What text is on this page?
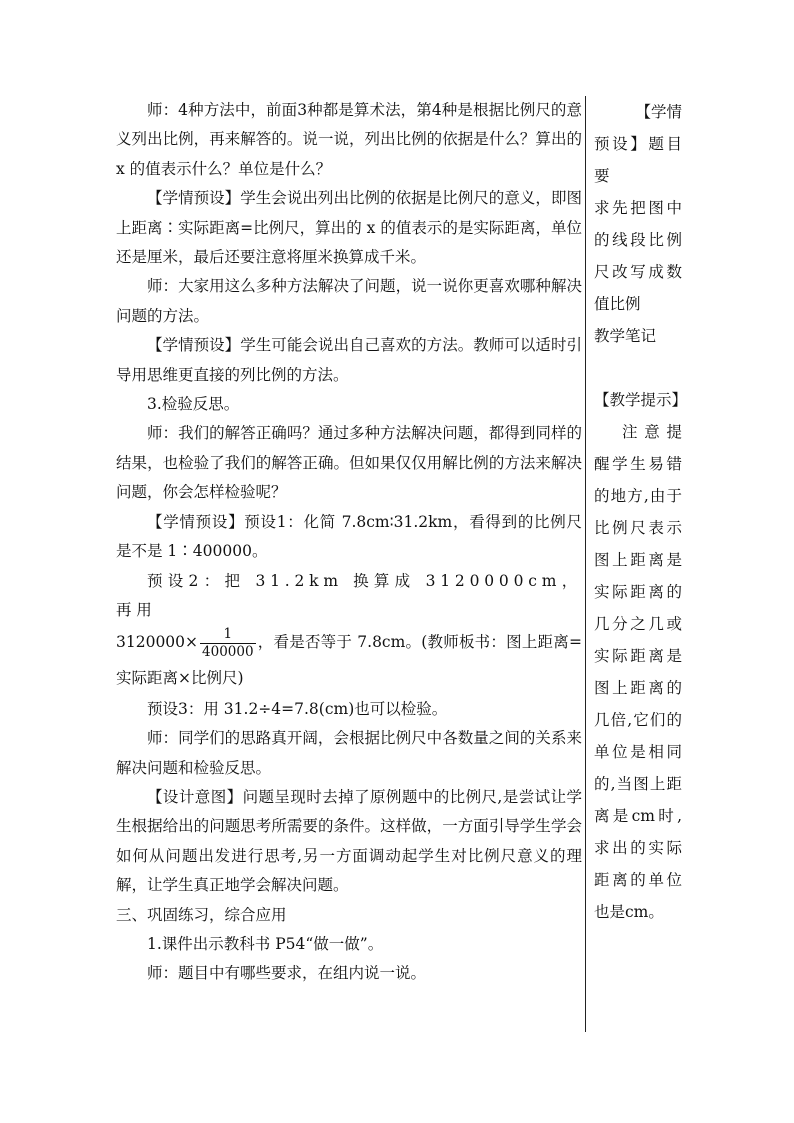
师：4种方法中，前面3种都是算术法，第4种是根据比例尺的意义列出比例，再来解答的。说一说，列出比例的依据是什么？算出的 x 的值表示什么？单位是什么？

【学情预设】学生会说出列出比例的依据是比例尺的意义，即图上距离∶实际距离=比例尺，算出的 x 的值表示的是实际距离，单位还是厘米，最后还要注意将厘米换算成千米。

师：大家用这么多种方法解决了问题，说一说你更喜欢哪种解决问题的方法。

【学情预设】学生可能会说出自己喜欢的方法。教师可以适时引导用思维更直接的列比例的方法。

3.检验反思。

师：我们的解答正确吗？通过多种方法解决问题，都得到同样的结果，也检验了我们的解答正确。但如果仅仅用解比例的方法来解决问题，你会怎样检验呢？

【学情预设】预设1：化简 7.8cm∶31.2km，看得到的比例尺是不是 1∶400000。

预设2：把 31.2km 换算成 3120000cm，再用

$3120000\times \frac{1}{400000}$ ，看是否等于 7.8cm。(教师板书：图上距离=实际距离×比例尺)

预设3：用 31.2÷4=7.8(cm)也可以检验。

师：同学们的思路真开阔，会根据比例尺中各数量之间的关系来解决问题和检验反思。

【设计意图】问题呈现时去掉了原例题中的比例尺,是尝试让学生根据给出的问题思考所需要的条件。这样做，一方面引导学生学会如何从问题出发进行思考,另一方面调动起学生对比例尺意义的理解，让学生真正地学会解决问题。

三、巩固练习，综合应用

1.课件出示教科书 P54“做一做”。

师：题目中有哪些要求，在组内说一说。

【学情
预设】题目要
求先把图中
的线段比例
尺改写成数
值比例
教学笔记
【教学提示】
注意提
醒学生易错
的地方,由于
比例尺表示
图上距离是
实际距离的
几分之几或
实际距离是
图上距离的
几倍,它们的
单位是相同
的,当图上距
离是cm时,
求出的实际
距离的单位
也是cm。
